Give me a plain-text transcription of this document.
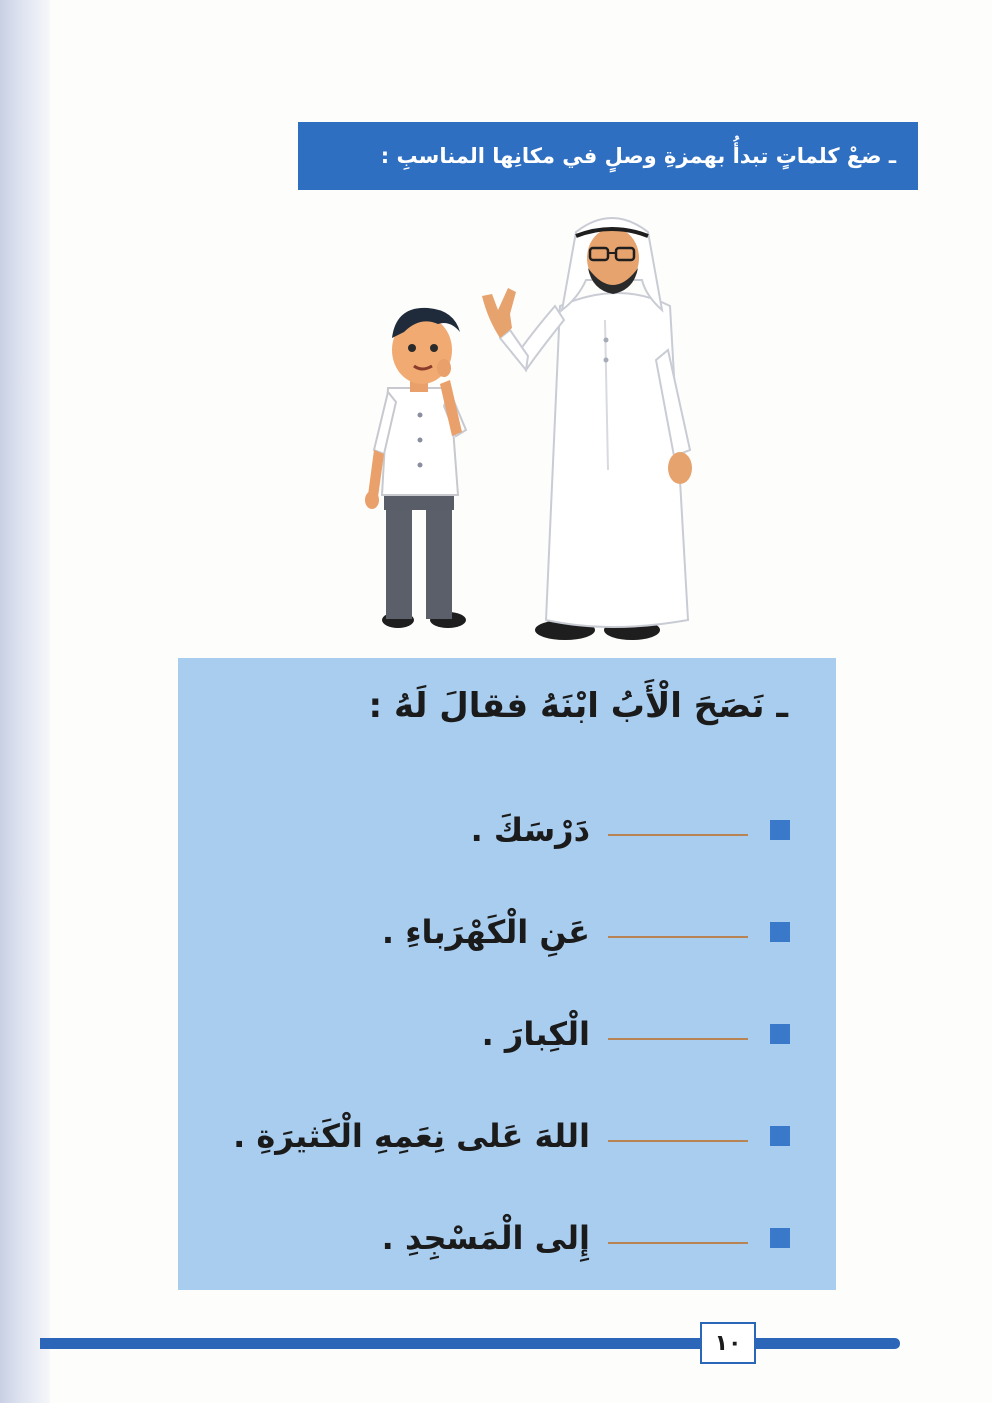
ـ ضعْ كلماتٍ تبدأُ بهمزةِ وصلٍ في مكانِها المناسبِ :
ـ نَصَحَ الْأَبُ ابْنَهُ فقالَ لَهُ :
دَرْسَكَ .
عَنِ الْكَهْرَباءِ .
الْكِبارَ .
اللهَ عَلى نِعَمِهِ الْكَثيرَةِ .
إِلى الْمَسْجِدِ .
١٠
